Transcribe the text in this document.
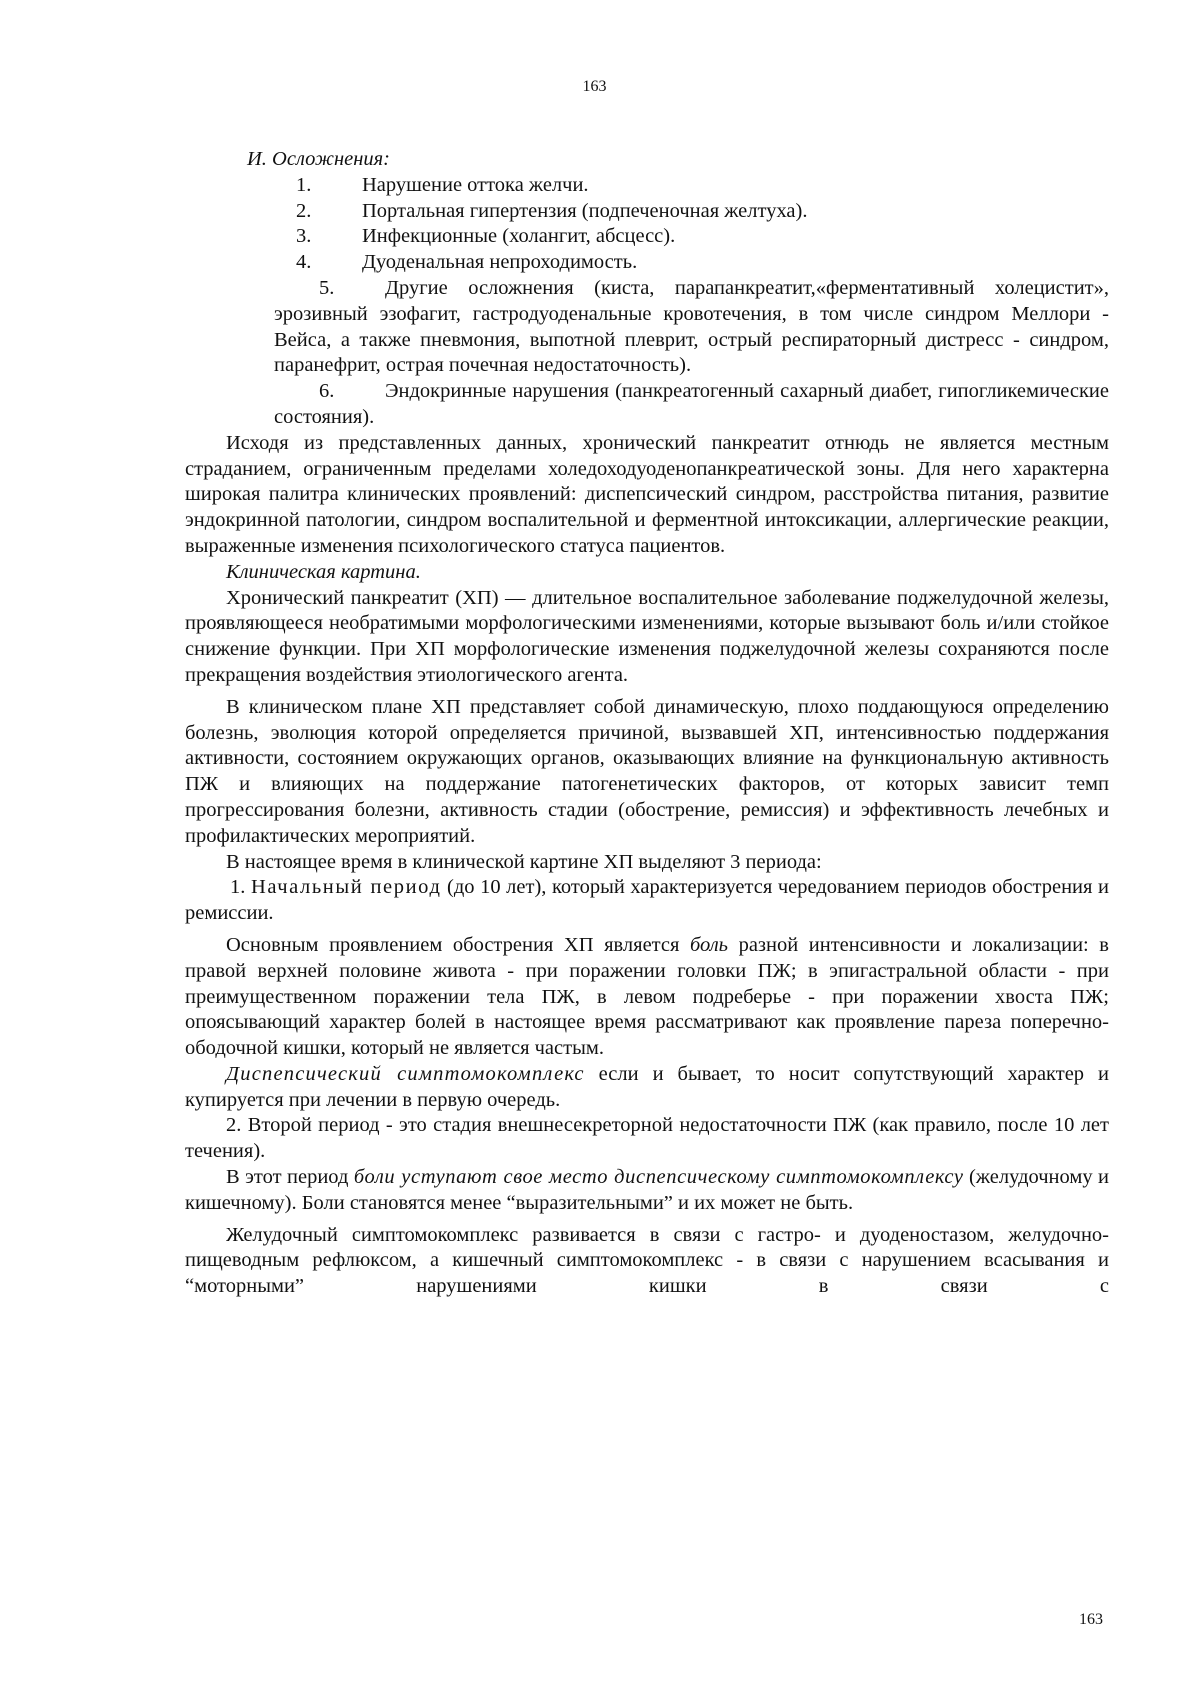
163

И. Осложнения:

1. Нарушение оттока желчи.
2. Портальная гипертензия (подпеченочная желтуха).
3. Инфекционные (холангит, абсцесс).
4. Дуоденальная непроходимость.
5. Другие осложнения (киста, парапанкреатит,«ферментативный холецистит», эрозивный эзофагит, гастродуоденальные кровотечения, в том числе синдром Меллори - Вейса, а также пневмония, выпотной плеврит, острый респираторный дистресс - синдром, паранефрит, острая почечная недостаточность).
6. Эндокринные нарушения (панкреатогенный сахарный диабет, гипогликемические состояния).

Исходя из представленных данных, хронический панкреатит отнюдь не является местным страданием, ограниченным пределами холедоходуоденопанкреатической зоны. Для него характерна широкая палитра клинических проявлений: диспепсический синдром, расстройства питания, развитие эндокринной патологии, синдром воспалительной и ферментной интоксикации, аллергические реакции, выраженные изменения психологического статуса пациентов.

Клиническая картина.

Хронический панкреатит (ХП) — длительное воспалительное заболевание поджелудочной железы, проявляющееся необратимыми морфологическими изменениями, которые вызывают боль и/или стойкое снижение функции. При ХП морфологические изменения поджелудочной железы сохраняются после прекращения воздействия этиологического агента.

В клиническом плане ХП представляет собой динамическую, плохо поддающуюся определению болезнь, эволюция которой определяется причиной, вызвавшей ХП, интенсивностью поддержания активности, состоянием окружающих органов, оказывающих влияние на функциональную активность ПЖ и влияющих на поддержание патогенетических факторов, от которых зависит темп прогрессирования болезни, активность стадии (обострение, ремиссия) и эффективность лечебных и профилактических мероприятий.

В настоящее время в клинической картине ХП выделяют 3 периода:

1. Начальный период (до 10 лет), который характеризуется чередованием периодов обострения и ремиссии.

Основным проявлением обострения ХП является боль разной интенсивности и локализации: в правой верхней половине живота - при поражении головки ПЖ; в эпигастральной области - при преимущественном поражении тела ПЖ, в левом подреберье - при поражении хвоста ПЖ; опоясывающий характер болей в настоящее время рассматривают как проявление пареза поперечно-ободочной кишки, который не является частым.

Диспепсический симптомокомплекс если и бывает, то носит сопутствующий характер и купируется при лечении в первую очередь.

2. Второй период - это стадия внешнесекреторной недостаточности ПЖ (как правило, после 10 лет течения).

В этот период боли уступают свое место диспепсическому симптомокомплексу (желудочному и кишечному). Боли становятся менее “выразительными” и их может не быть.

Желудочный симптомокомплекс развивается в связи с гастро- и дуоденостазом, желудочно-пищеводным рефлюксом, а кишечный симптомокомплекс - в связи с нарушением всасывания и “моторными” нарушениями кишки в связи с

163
